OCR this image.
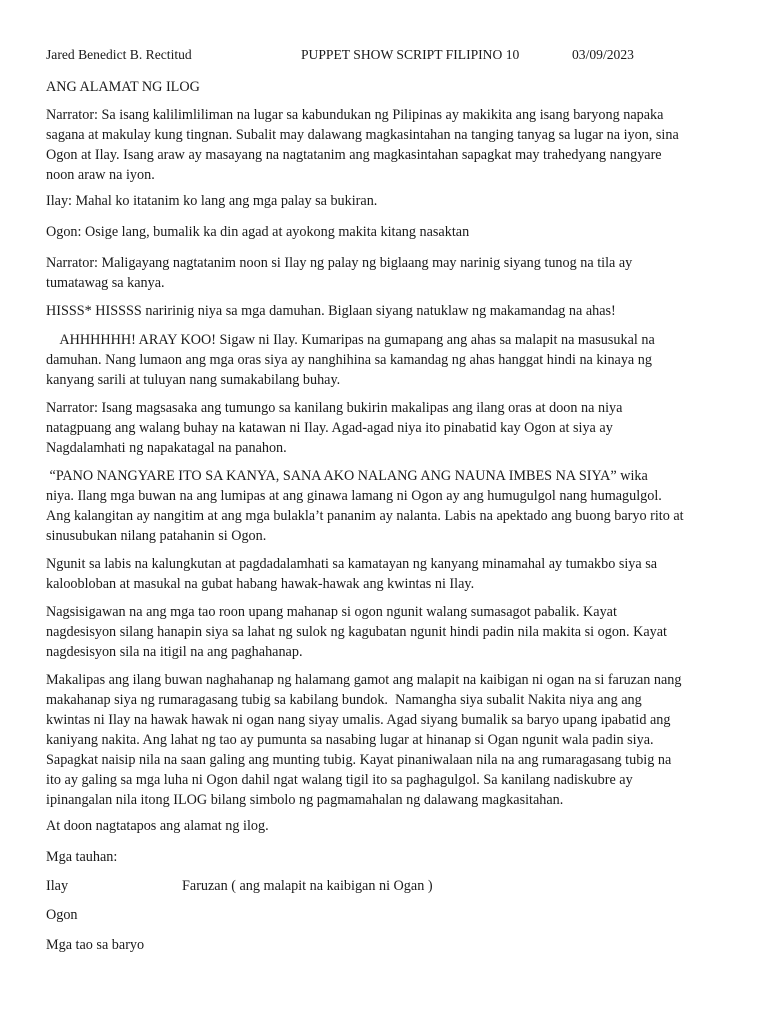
Jared Benedict B. Rectitud	PUPPET SHOW SCRIPT FILIPINO 10	03/09/2023
ANG ALAMAT NG ILOG
Narrator: Sa isang kalilimliliman na lugar sa kabundukan ng Pilipinas ay makikita ang isang baryong napaka
sagana at makulay kung tingnan. Subalit may dalawang magkasintahan na tanging tanyag sa lugar na iyon, sina
Ogon at Ilay. Isang araw ay masayang na nagtatanim ang magkasintahan sapagkat may trahedyang nangyare
noon araw na iyon.
Ilay: Mahal ko itatanim ko lang ang mga palay sa bukiran.
Ogon: Osige lang, bumalik ka din agad at ayokong makita kitang nasaktan
Narrator: Maligayang nagtatanim noon si Ilay ng palay ng biglaang may narinig siyang tunog na tila ay
tumatawag sa kanya.
HISSS* HISSSS naririnig niya sa mga damuhan. Biglaan siyang natuklaw ng makamandag na ahas!
AHHHHHH! ARAY KOO! Sigaw ni Ilay. Kumaripas na gumapang ang ahas sa malapit na masusukal na
damuhan. Nang lumaon ang mga oras siya ay nanghihina sa kamandag ng ahas hanggat hindi na kinaya ng
kanyang sarili at tuluyan nang sumakabilang buhay.
Narrator: Isang magsasaka ang tumungo sa kanilang bukirin makalipas ang ilang oras at doon na niya
natagpuang ang walang buhay na katawan ni Ilay. Agad-agad niya ito pinabatid kay Ogon at siya ay
Nagdalamhati ng napakatagal na panahon.
“PANO NANGYARE ITO SA KANYA, SANA AKO NALANG ANG NAUNA IMBES NA SIYA” wika
niya. Ilang mga buwan na ang lumipas at ang ginawa lamang ni Ogon ay ang humugulgol nang humagulgol.
Ang kalangitan ay nangitim at ang mga bulakla’t pananim ay nalanta. Labis na apektado ang buong baryo rito at
sinusubukan nilang patahanin si Ogon.
Ngunit sa labis na kalungkutan at pagdadalamhati sa kamatayan ng kanyang minamahal ay tumakbo siya sa
kaloobloban at masukal na gubat habang hawak-hawak ang kwintas ni Ilay.
Nagsisigawan na ang mga tao roon upang mahanap si ogon ngunit walang sumasagot pabalik. Kayat
nagdesisyon silang hanapin siya sa lahat ng sulok ng kagubatan ngunit hindi padin nila makita si ogon. Kayat
nagdesisyon sila na itigil na ang paghahanap.
Makalipas ang ilang buwan naghahanap ng halamang gamot ang malapit na kaibigan ni ogan na si faruzan nang
makahanap siya ng rumaragasang tubig sa kabilang bundok.  Namangha siya subalit Nakita niya ang ang
kwintas ni Ilay na hawak hawak ni ogan nang siyay umalis. Agad siyang bumalik sa baryo upang ipabatid ang
kaniyang nakita. Ang lahat ng tao ay pumunta sa nasabing lugar at hinanap si Ogan ngunit wala padin siya.
Sapagkat naisip nila na saan galing ang munting tubig. Kayat pinaniwalaan nila na ang rumaragasang tubig na
ito ay galing sa mga luha ni Ogon dahil ngat walang tigil ito sa paghagulgol. Sa kanilang nadiskubre ay
ipinangalan nila itong ILOG bilang simbolo ng pagmamahalan ng dalawang magkasitahan.
At doon nagtatapos ang alamat ng ilog.
Mga tauhan:
Ilay	Faruzan ( ang malapit na kaibigan ni Ogan )
Ogon
Mga tao sa baryo
